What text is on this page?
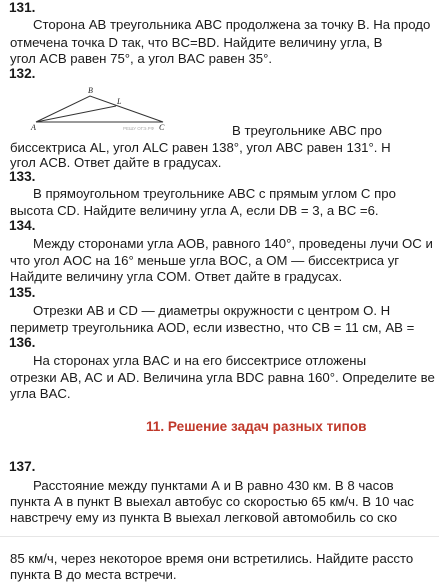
131.
Сторона AB треугольника ABC продолжена за точку B. На продо
отмечена точка D так, что BC=BD. Найдите величину угла, B
угол ACB равен 75°, а угол BAC равен 35°.
132.
B
L
A	C
РЕШУ ОГЭ.РФ	В треугольнике ABC про
биссектриса AL, угол ALC равен 138°, угол ABC равен 131°. Н
угол ACB. Ответ дайте в градусах.
133.
В прямоугольном треугольнике ABC с прямым углом C про
высота CD. Найдите величину угла A, если DB = 3, а BC =6.
134.
Между сторонами угла AOB, равного 140°, проведены лучи OC и
что угол AOC на 16° меньше угла BOC, а OM — биссектриса уг
Найдите величину угла COM. Ответ дайте в градусах.
135.
Отрезки AB и CD — диаметры окружности с центром O. Н
периметр треугольника AOD, если известно, что CB = 11 см, AB =
136.
На сторонах угла BAC и на его биссектрисе отложены
отрезки AB, AC и AD. Величина угла BDC равна 160°. Определите ве
угла BAC.
11. Решение задач разных типов
137.
Расстояние между пунктами А и В равно 430 км. В 8 часов
пункта А в пункт В выехал автобус со скоростью 65 км/ч. В 10 час
навстречу ему из пункта В выехал легковой автомобиль со ско
85 км/ч, через некоторое время они встретились. Найдите рассто
пункта В до места встречи.
